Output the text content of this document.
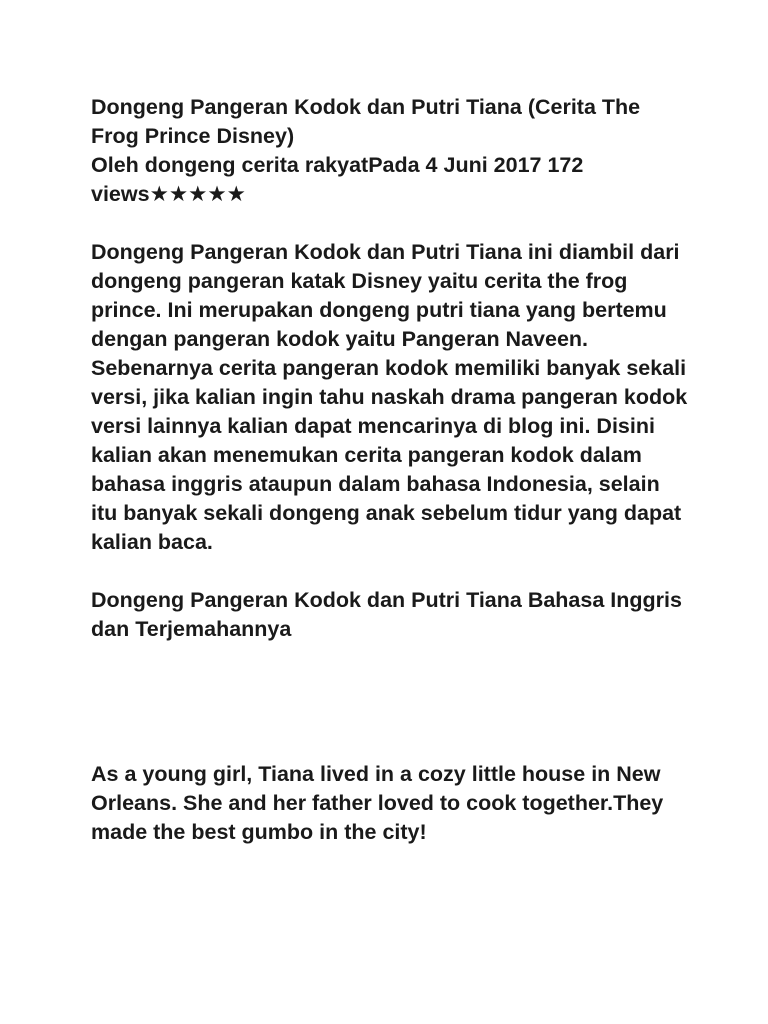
Dongeng Pangeran Kodok dan Putri Tiana (Cerita The Frog Prince Disney)
Oleh dongeng cerita rakyatPada 4 Juni 2017 172 views★★★★★

Dongeng Pangeran Kodok dan Putri Tiana ini diambil dari dongeng pangeran katak Disney yaitu cerita the frog prince. Ini merupakan dongeng putri tiana yang bertemu dengan pangeran kodok yaitu Pangeran Naveen. Sebenarnya cerita pangeran kodok memiliki banyak sekali versi, jika kalian ingin tahu naskah drama pangeran kodok versi lainnya kalian dapat mencarinya di blog ini. Disini kalian akan menemukan cerita pangeran kodok dalam bahasa inggris ataupun dalam bahasa Indonesia, selain itu banyak sekali dongeng anak sebelum tidur yang dapat kalian baca.

Dongeng Pangeran Kodok dan Putri Tiana Bahasa Inggris dan Terjemahannya

As a young girl, Tiana lived in a cozy little house in New Orleans. She and her father loved to cook together.They made the best gumbo in the city!
